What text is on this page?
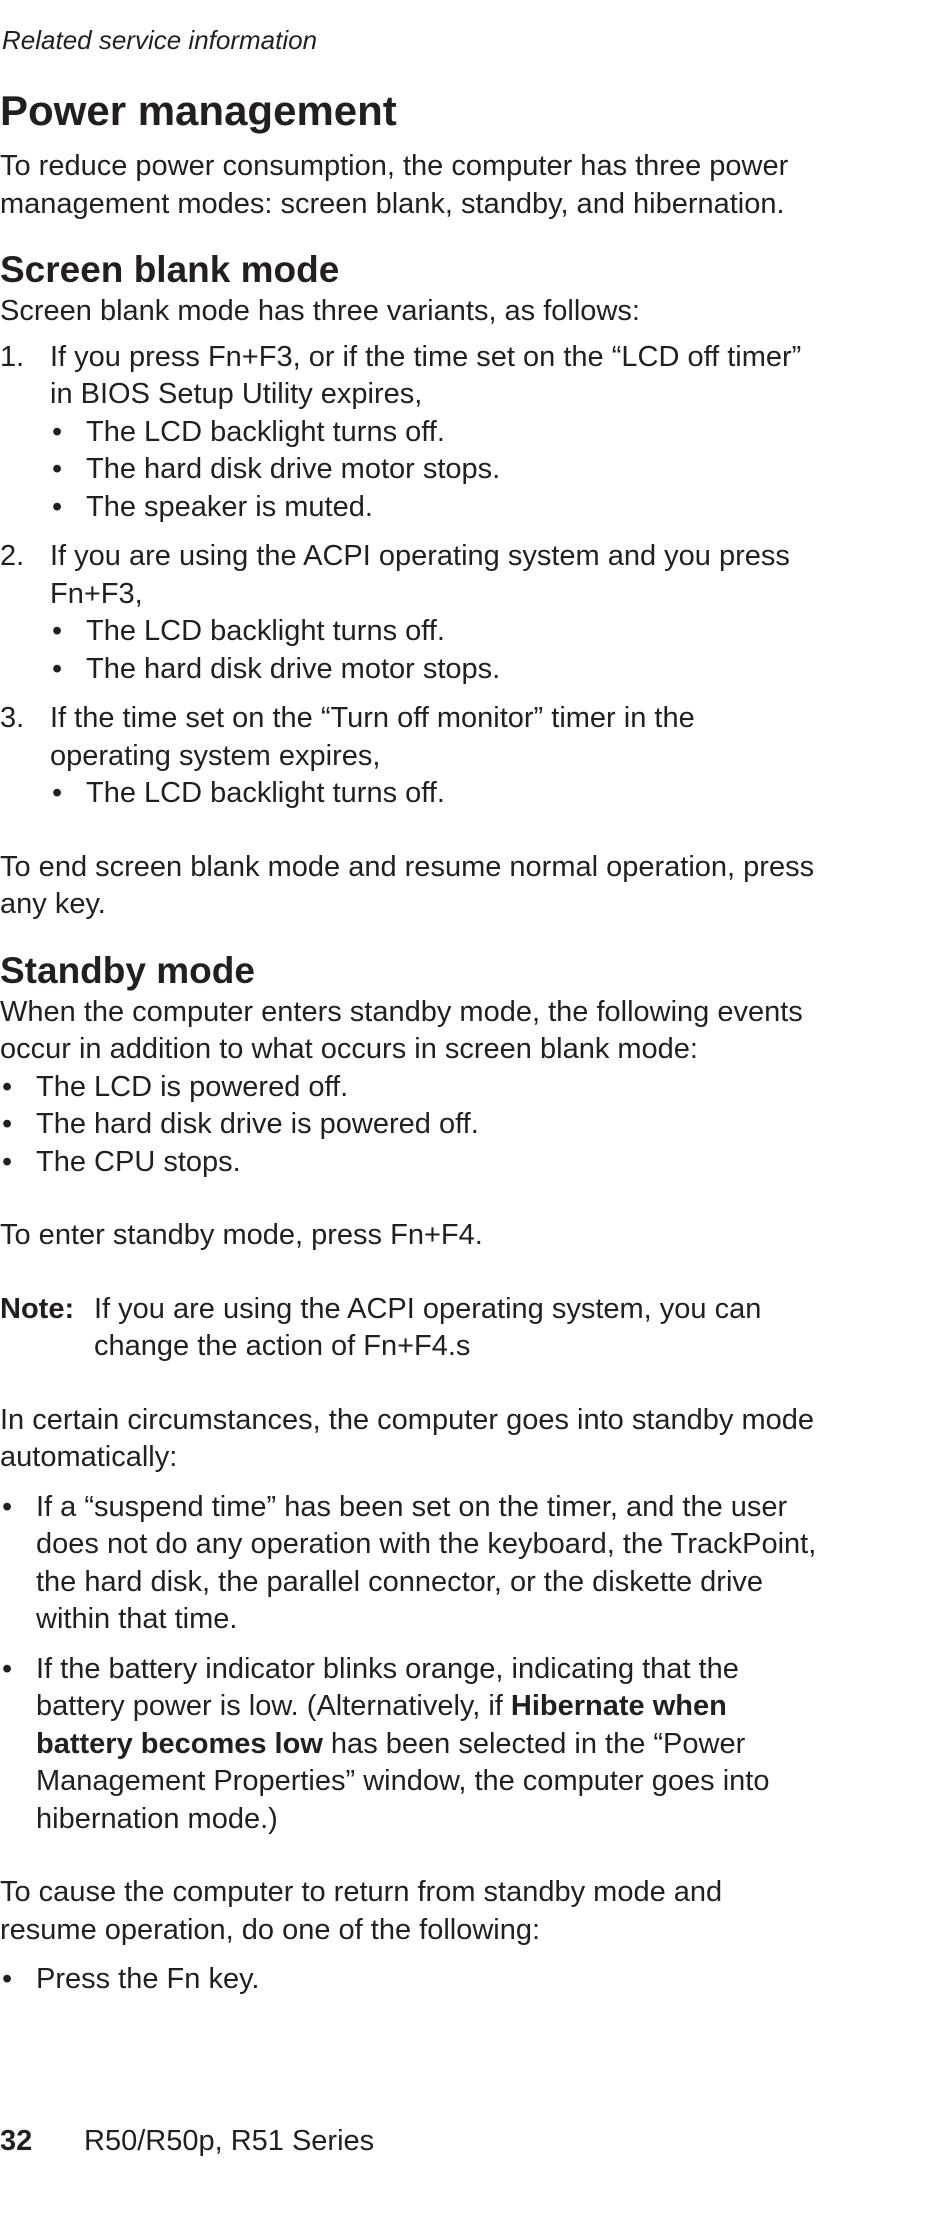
Related service information
Power management

To reduce power consumption, the computer has three power management modes: screen blank, standby, and hibernation.

Screen blank mode

Screen blank mode has three variants, as follows:

1. If you press Fn+F3, or if the time set on the “LCD off timer” in BIOS Setup Utility expires,
• The LCD backlight turns off.
• The hard disk drive motor stops.
• The speaker is muted.
2. If you are using the ACPI operating system and you press Fn+F3,
• The LCD backlight turns off.
• The hard disk drive motor stops.
3. If the time set on the “Turn off monitor” timer in the operating system expires,
• The LCD backlight turns off.

To end screen blank mode and resume normal operation, press any key.

Standby mode

When the computer enters standby mode, the following events occur in addition to what occurs in screen blank mode:

• The LCD is powered off.
• The hard disk drive is powered off.
• The CPU stops.

To enter standby mode, press Fn+F4.

Note: If you are using the ACPI operating system, you can change the action of Fn+F4.s

In certain circumstances, the computer goes into standby mode automatically:

• If a “suspend time” has been set on the timer, and the user does not do any operation with the keyboard, the TrackPoint, the hard disk, the parallel connector, or the diskette drive within that time.
• If the battery indicator blinks orange, indicating that the battery power is low. (Alternatively, if Hibernate when battery becomes low has been selected in the “Power Management Properties” window, the computer goes into hibernation mode.)

To cause the computer to return from standby mode and resume operation, do one of the following:

• Press the Fn key.
32 R50/R50p, R51 Series
